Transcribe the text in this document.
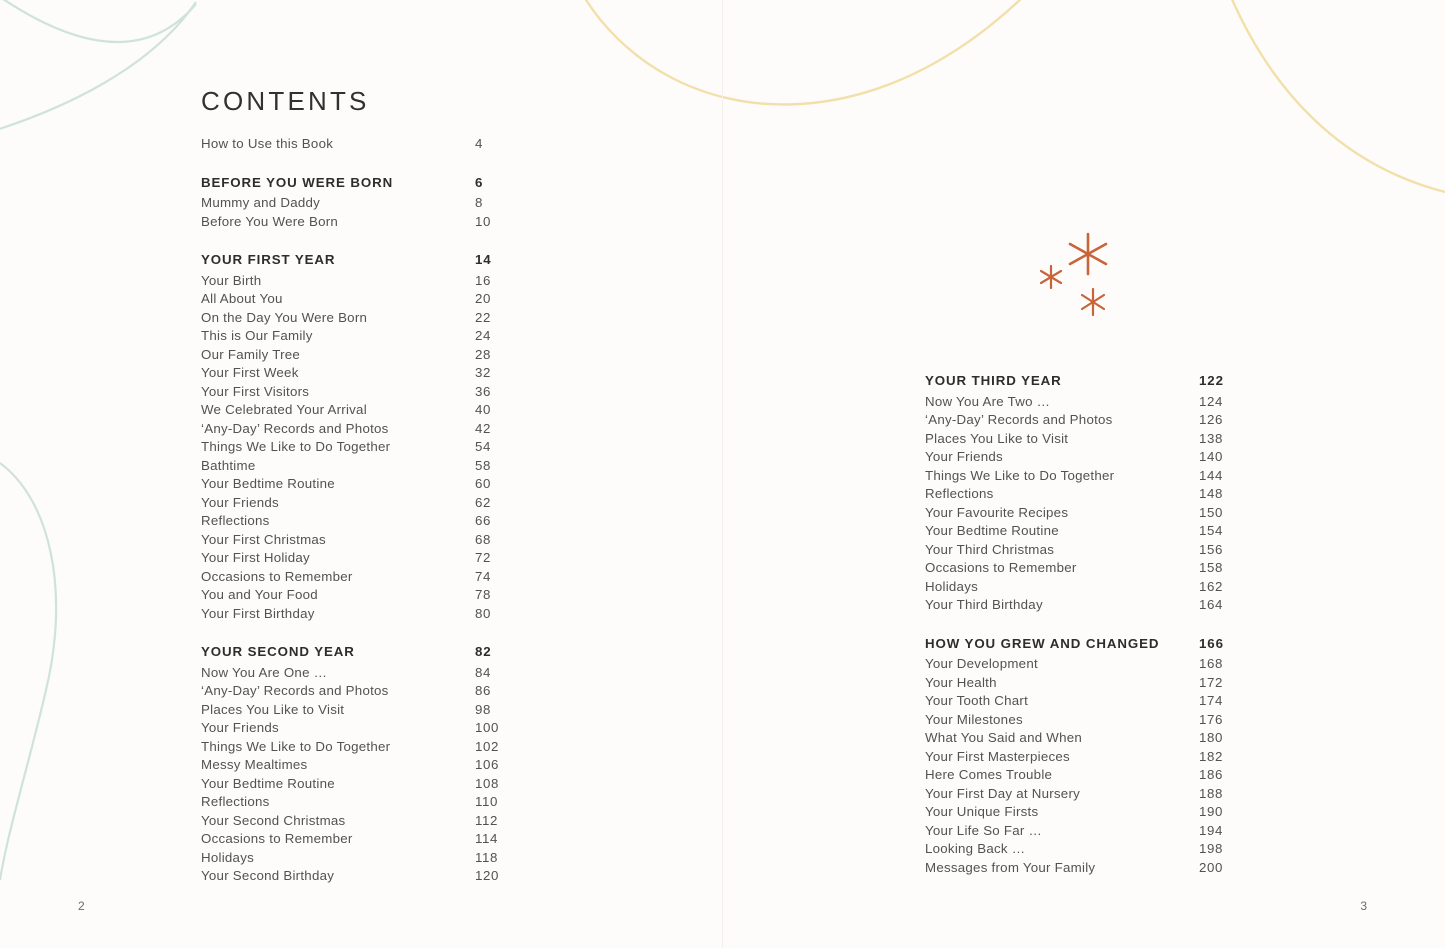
CONTENTS
How to Use this Book	4
BEFORE YOU WERE BORN	6
Mummy and Daddy	8
Before You Were Born	10
YOUR FIRST YEAR	14
Your Birth	16
All About You	20
On the Day You Were Born	22
This is Our Family	24
Our Family Tree	28
Your First Week	32
Your First Visitors	36
We Celebrated Your Arrival	40
‘Any-Day’ Records and Photos	42
Things We Like to Do Together	54
Bathtime	58
Your Bedtime Routine	60
Your Friends	62
Reflections	66
Your First Christmas	68
Your First Holiday	72
Occasions to Remember	74
You and Your Food	78
Your First Birthday	80
YOUR SECOND YEAR	82
Now You Are One …	84
‘Any-Day’ Records and Photos	86
Places You Like to Visit	98
Your Friends	100
Things We Like to Do Together	102
Messy Mealtimes	106
Your Bedtime Routine	108
Reflections	110
Your Second Christmas	112
Occasions to Remember	114
Holidays	118
Your Second Birthday	120
YOUR THIRD YEAR	122
Now You Are Two …	124
‘Any-Day’ Records and Photos	126
Places You Like to Visit	138
Your Friends	140
Things We Like to Do Together	144
Reflections	148
Your Favourite Recipes	150
Your Bedtime Routine	154
Your Third Christmas	156
Occasions to Remember	158
Holidays	162
Your Third Birthday	164
HOW YOU GREW AND CHANGED	166
Your Development	168
Your Health	172
Your Tooth Chart	174
Your Milestones	176
What You Said and When	180
Your First Masterpieces	182
Here Comes Trouble	186
Your First Day at Nursery	188
Your Unique Firsts	190
Your Life So Far …	194
Looking Back …	198
Messages from Your Family	200
2	3
